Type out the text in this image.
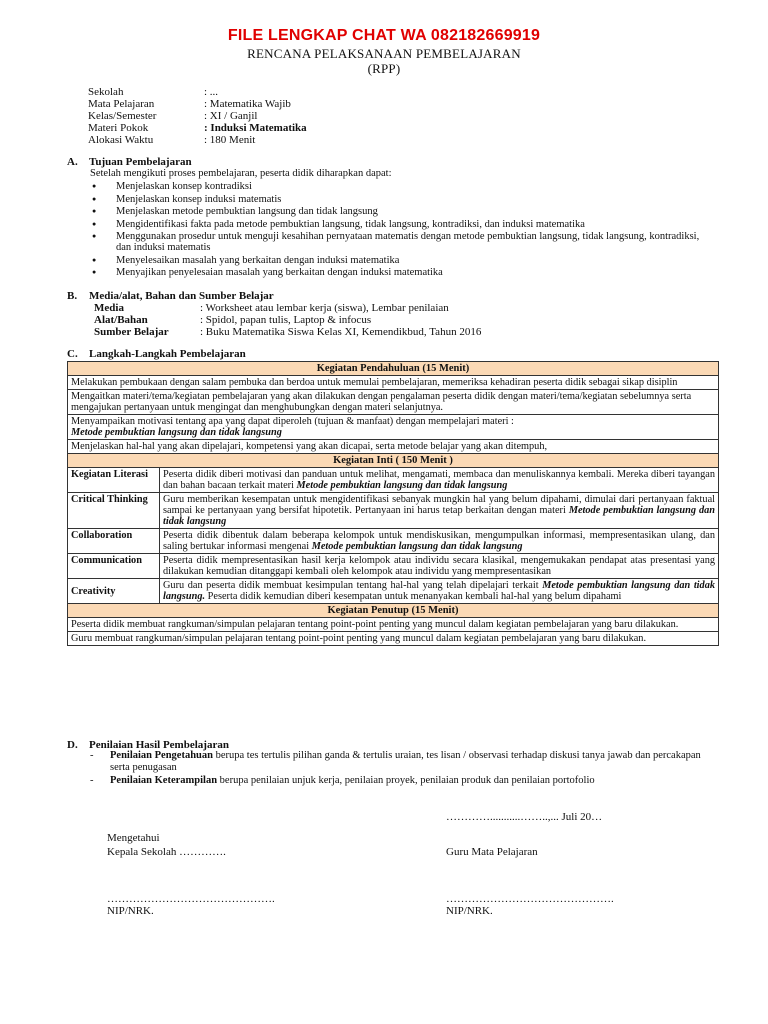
FILE LENGKAP CHAT WA 082182669919
RENCANA PELAKSANAAN PEMBELAJARAN
(RPP)
Sekolah	: ...
Mata Pelajaran	: Matematika Wajib
Kelas/Semester	: XI / Ganjil
Materi Pokok	: Induksi Matematika
Alokasi Waktu	: 180 Menit
A. Tujuan Pembelajaran
Setelah mengikuti proses pembelajaran, peserta didik diharapkan dapat:
● Menjelaskan konsep kontradiksi
● Menjelaskan konsep induksi matematis
● Menjelaskan metode pembuktian langsung dan tidak langsung
● Mengidentifikasi fakta pada metode pembuktian langsung, tidak langsung, kontradiksi, dan induksi matematika
● Menggunakan prosedur untuk menguji kesahihan pernyataan matematis dengan metode pembuktian langsung, tidak langsung, kontradiksi, dan induksi matematis
● Menyelesaikan masalah yang berkaitan dengan induksi matematika
● Menyajikan penyelesaian masalah yang berkaitan dengan induksi matematika
B. Media/alat, Bahan dan Sumber Belajar
Media	: Worksheet atau lembar kerja (siswa), Lembar penilaian
Alat/Bahan	: Spidol, papan tulis, Laptop & infocus
Sumber Belajar	: Buku Matematika Siswa Kelas XI, Kemendikbud, Tahun 2016
C. Langkah-Langkah Pembelajaran
Kegiatan Pendahuluan (15 Menit)	
Melakukan pembukaan dengan salam pembuka dan berdoa untuk memulai pembelajaran, memeriksa kehadiran peserta didik sebagai sikap disiplin	
Mengaitkan materi/tema/kegiatan pembelajaran yang akan dilakukan dengan pengalaman peserta didik dengan materi/tema/kegiatan sebelumnya serta mengajukan pertanyaan untuk mengingat dan menghubungkan dengan materi selanjutnya.	

Menyampaikan motivasi tentang apa yang dapat diperoleh (tujuan & manfaat) dengan mempelajari materi :
Metode pembuktian langsung dan tidak langsung	

Menjelaskan hal-hal yang akan dipelajari, kompetensi yang akan dicapai, serta metode belajar yang akan ditempuh,	
Kegiatan Inti ( 150 Menit )	
Kegiatan Literasi	Peserta didik diberi motivasi dan panduan untuk melihat, mengamati, membaca dan menuliskannya kembali. Mereka diberi tayangan dan bahan bacaan terkait materi Metode pembuktian langsung dan tidak langsung
Critical Thinking	Guru memberikan kesempatan untuk mengidentifikasi sebanyak mungkin hal yang belum dipahami, dimulai dari pertanyaan faktual sampai ke pertanyaan yang bersifat hipotetik. Pertanyaan ini harus tetap berkaitan dengan materi Metode pembuktian langsung dan tidak langsung
Collaboration	Peserta didik dibentuk dalam beberapa kelompok untuk mendiskusikan, mengumpulkan informasi, mempresentasikan ulang, dan saling bertukar informasi mengenai Metode pembuktian langsung dan tidak langsung
Communication	Peserta didik mempresentasikan hasil kerja kelompok atau individu secara klasikal, mengemukakan pendapat atas presentasi yang dilakukan kemudian ditanggapi kembali oleh kelompok atau individu yang mempresentasikan
Creativity	Guru dan peserta didik membuat kesimpulan tentang hal-hal yang telah dipelajari terkait Metode pembuktian langsung dan tidak langsung. Peserta didik kemudian diberi kesempatan untuk menanyakan kembali hal-hal yang belum dipahami
Kegiatan Penutup (15 Menit)	
Peserta didik membuat rangkuman/simpulan pelajaran tentang point-point penting yang muncul dalam kegiatan pembelajaran yang baru dilakukan.	
Guru membuat rangkuman/simpulan pelajaran tentang point-point penting yang muncul dalam kegiatan pembelajaran yang baru dilakukan.	
D. Penilaian Hasil Pembelajaran
- Penilaian Pengetahuan berupa tes tertulis pilihan ganda & tertulis uraian, tes lisan / observasi terhadap diskusi tanya jawab dan percakapan serta penugasan
- Penilaian Keterampilan berupa penilaian unjuk kerja, penilaian proyek, penilaian produk dan penilaian portofolio
…………...........……..,... Juli 20…
Mengetahui
Kepala Sekolah ………….	Guru Mata Pelajaran
……………………………………….	……………………………………….
NIP/NRK.	NIP/NRK.
